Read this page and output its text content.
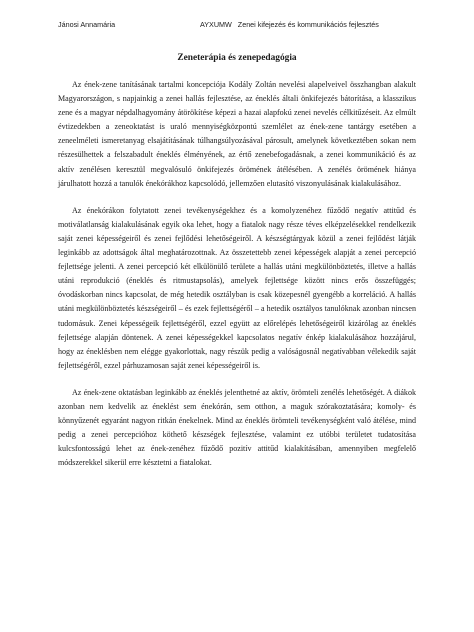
Jánosi Annamária	AYXUMW   Zenei kifejezés és kommunikációs fejlesztés
Zeneterápia és zenepedagógia

Az ének-zene tanításának tartalmi koncepciója Kodály Zoltán nevelési alapelveivel összhangban alakult Magyarországon, s napjainkig a zenei hallás fejlesztése, az éneklés általi önkifejezés bátorítása, a klasszikus zene és a magyar népdalhagyomány átörökítése képezi a hazai alapfokú zenei nevelés célkitűzéseit. Az elmúlt évtizedekben a zeneoktatást is uraló mennyiségközpontú szemlélet az ének-zene tantárgy esetében a zeneelméleti ismeretanyag elsajátításának túlhangsúlyozásával párosult, amelynek következtében sokan nem részesülhettek a felszabadult éneklés élményének, az értő zenebefogadásnak, a zenei kommunikáció és az aktív zenélésen keresztül megvalósuló önkifejezés örömének átélésében. A zenélés örömének hiánya járulhatott hozzá a tanulók énekórákhoz kapcsolódó, jellemzően elutasító viszonyulásának kialakulásához.

Az énekórákon folytatott zenei tevékenységekhez és a komolyzenéhez fűződő negatív attitűd és motiválatlanság kialakulásának egyik oka lehet, hogy a fiatalok nagy része téves elképzelésekkel rendelkezik saját zenei képességeiről és zenei fejlődési lehetőségeiről. A készségtárgyak közül a zenei fejlődést látják leginkább az adottságok által meghatározottnak. Az összetettebb zenei képességek alapját a zenei percepció fejlettsége jelenti. A zenei percepció két elkülönülő területe a hallás utáni megkülönböztetés, illetve a hallás utáni reprodukció (éneklés és ritmustapsolás), amelyek fejlettsége között nincs erős összefüggés; óvodáskorban nincs kapcsolat, de még hetedik osztályban is csak közepesnél gyengébb a korreláció. A hallás utáni megkülönböztetés készségeiről – és ezek fejlettségéről – a hetedik osztályos tanulóknak azonban nincsen tudomásuk. Zenei képességeik fejlettségéről, ezzel együtt az előrelépés lehetőségeiről kizárólag az éneklés fejlettsége alapján döntenek. A zenei képességekkel kapcsolatos negatív énkép kialakulásához hozzájárul, hogy az éneklésben nem elégge gyakorlottak, nagy részük pedig a valóságosnál negatívabban vélekedik saját fejlettségéről, ezzel párhuzamosan saját zenei képességeiről is.

Az ének-zene oktatásban leginkább az éneklés jelenthetné az aktív, örömteli zenélés lehetőségét. A diákok azonban nem kedvelik az éneklést sem énekórán, sem otthon, a maguk szórakoztatására; komoly- és könnyűzenét egyaránt nagyon ritkán énekelnek. Mind az éneklés örömteli tevékenységként való átélése, mind pedig a zenei percepcióhoz köthető készségek fejlesztése, valamint ez utóbbi területet tudatosítása kulcsfontosságú lehet az ének-zenéhez fűződő pozitív attitűd kialakításában, amennyiben megfelelő módszerekkel sikerül erre késztetni a fiatalokat.
